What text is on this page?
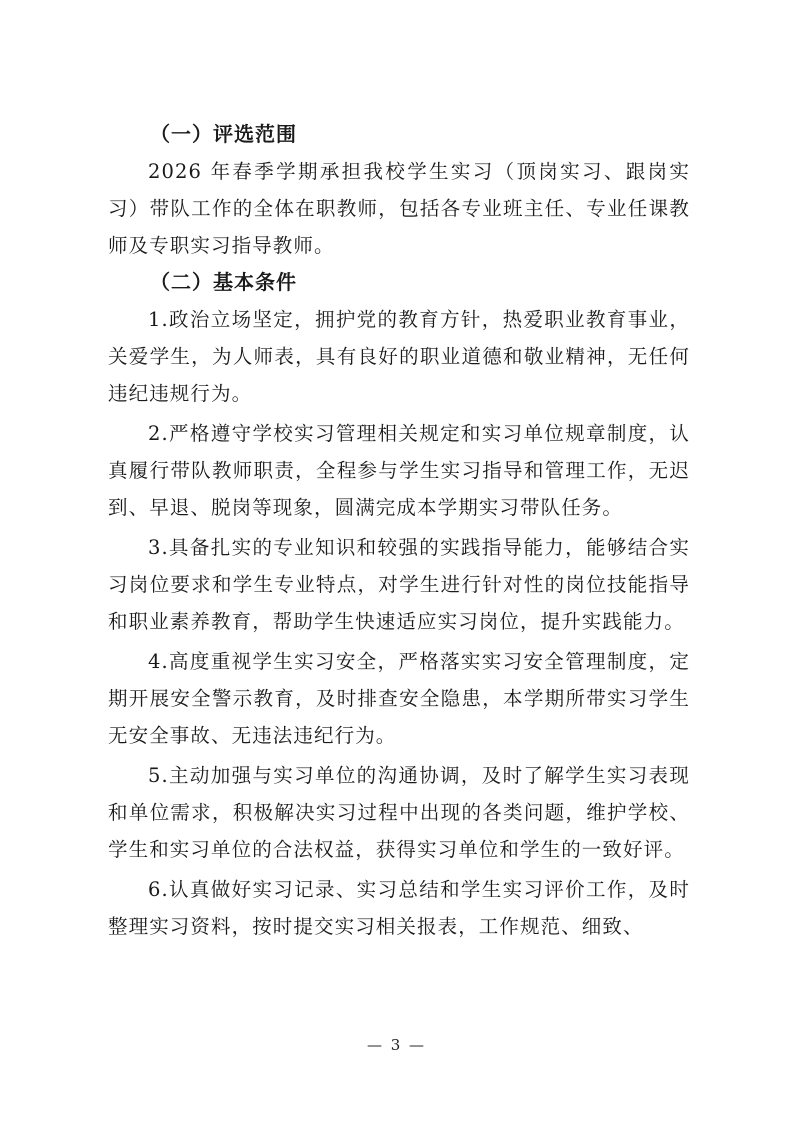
（一）评选范围

2026 年春季学期承担我校学生实习（顶岗实习、跟岗实习）带队工作的全体在职教师，包括各专业班主任、专业任课教师及专职实习指导教师。

（二）基本条件

1.政治立场坚定，拥护党的教育方针，热爱职业教育事业，关爱学生，为人师表，具有良好的职业道德和敬业精神，无任何违纪违规行为。

2.严格遵守学校实习管理相关规定和实习单位规章制度，认真履行带队教师职责，全程参与学生实习指导和管理工作，无迟到、早退、脱岗等现象，圆满完成本学期实习带队任务。

3.具备扎实的专业知识和较强的实践指导能力，能够结合实习岗位要求和学生专业特点，对学生进行针对性的岗位技能指导和职业素养教育，帮助学生快速适应实习岗位，提升实践能力。

4.高度重视学生实习安全，严格落实实习安全管理制度，定期开展安全警示教育，及时排查安全隐患，本学期所带实习学生无安全事故、无违法违纪行为。

5.主动加强与实习单位的沟通协调，及时了解学生实习表现和单位需求，积极解决实习过程中出现的各类问题，维护学校、学生和实习单位的合法权益，获得实习单位和学生的一致好评。

6.认真做好实习记录、实习总结和学生实习评价工作，及时整理实习资料，按时提交实习相关报表，工作规范、细致、

— 3 —
